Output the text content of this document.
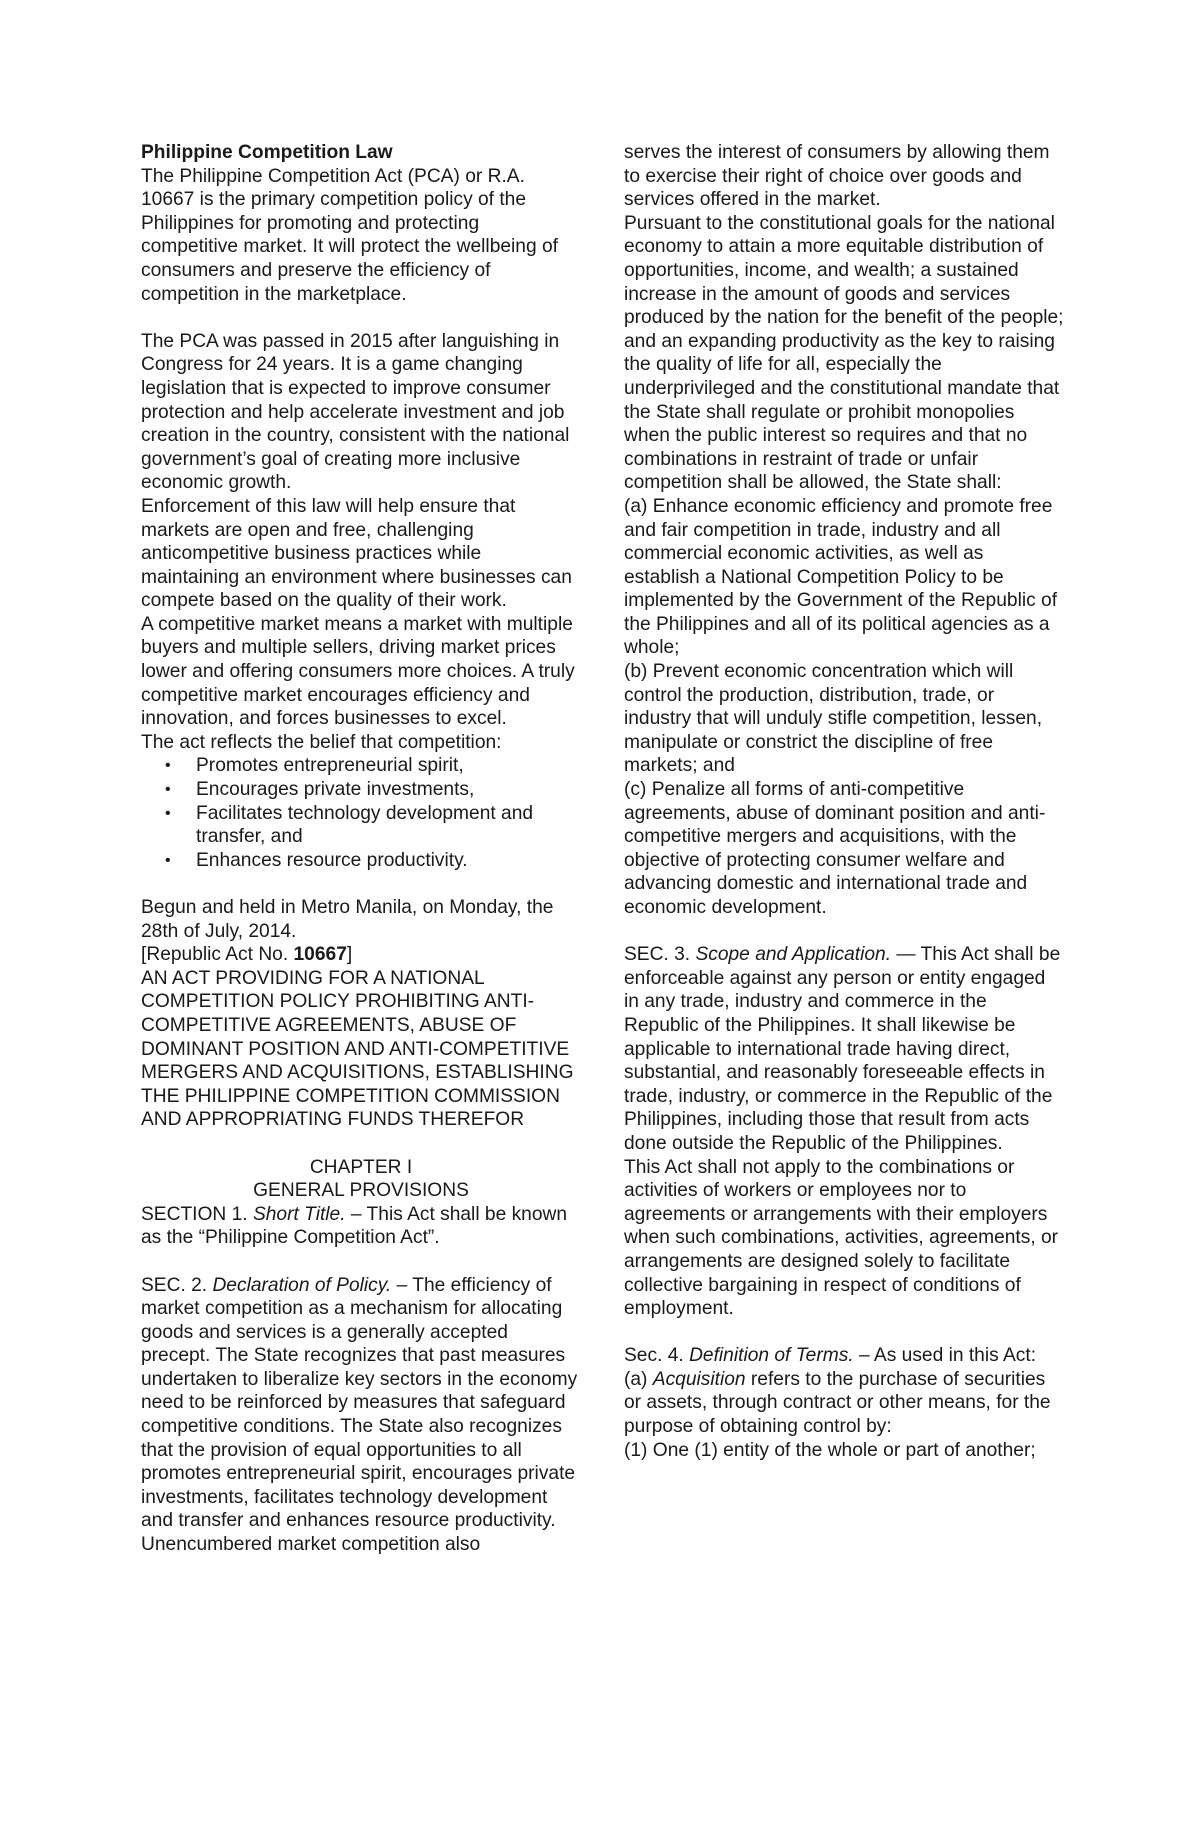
Philippine Competition Law

The Philippine Competition Act (PCA) or R.A. 10667 is the primary competition policy of the Philippines for promoting and protecting competitive market. It will protect the wellbeing of consumers and preserve the efficiency of competition in the marketplace.

The PCA was passed in 2015 after languishing in Congress for 24 years. It is a game changing legislation that is expected to improve consumer protection and help accelerate investment and job creation in the country, consistent with the national government’s goal of creating more inclusive economic growth.

Enforcement of this law will help ensure that markets are open and free, challenging anticompetitive business practices while maintaining an environment where businesses can compete based on the quality of their work.

A competitive market means a market with multiple buyers and multiple sellers, driving market prices lower and offering consumers more choices. A truly competitive market encourages efficiency and innovation, and forces businesses to excel.

The act reflects the belief that competition:

• Promotes entrepreneurial spirit,
• Encourages private investments,
• Facilitates technology development and transfer, and
• Enhances resource productivity.

Begun and held in Metro Manila, on Monday, the 28th of July, 2014.

[Republic Act No. 10667]

AN ACT PROVIDING FOR A NATIONAL COMPETITION POLICY PROHIBITING ANTI-COMPETITIVE AGREEMENTS, ABUSE OF DOMINANT POSITION AND ANTI-COMPETITIVE MERGERS AND ACQUISITIONS, ESTABLISHING THE PHILIPPINE COMPETITION COMMISSION AND APPROPRIATING FUNDS THEREFOR

CHAPTER I

GENERAL PROVISIONS

SECTION 1. Short Title. – This Act shall be known as the “Philippine Competition Act”.

SEC. 2. Declaration of Policy. – The efficiency of market competition as a mechanism for allocating goods and services is a generally accepted precept. The State recognizes that past measures undertaken to liberalize key sectors in the economy need to be reinforced by measures that safeguard competitive conditions. The State also recognizes that the provision of equal opportunities to all promotes entrepreneurial spirit, encourages private investments, facilitates technology development and transfer and enhances resource productivity. Unencumbered market competition also

serves the interest of consumers by allowing them to exercise their right of choice over goods and services offered in the market.

Pursuant to the constitutional goals for the national economy to attain a more equitable distribution of opportunities, income, and wealth; a sustained increase in the amount of goods and services produced by the nation for the benefit of the people; and an expanding productivity as the key to raising the quality of life for all, especially the underprivileged and the constitutional mandate that the State shall regulate or prohibit monopolies when the public interest so requires and that no combinations in restraint of trade or unfair competition shall be allowed, the State shall:

(a) Enhance economic efficiency and promote free and fair competition in trade, industry and all commercial economic activities, as well as establish a National Competition Policy to be implemented by the Government of the Republic of the Philippines and all of its political agencies as a whole;

(b) Prevent economic concentration which will control the production, distribution, trade, or industry that will unduly stifle competition, lessen, manipulate or constrict the discipline of free markets; and

(c) Penalize all forms of anti-competitive agreements, abuse of dominant position and anti-competitive mergers and acquisitions, with the objective of protecting consumer welfare and advancing domestic and international trade and economic development.

SEC. 3. Scope and Application. — This Act shall be enforceable against any person or entity engaged in any trade, industry and commerce in the Republic of the Philippines. It shall likewise be applicable to international trade having direct, substantial, and reasonably foreseeable effects in trade, industry, or commerce in the Republic of the Philippines, including those that result from acts done outside the Republic of the Philippines.

This Act shall not apply to the combinations or activities of workers or employees nor to agreements or arrangements with their employers when such combinations, activities, agreements, or arrangements are designed solely to facilitate collective bargaining in respect of conditions of employment.

Sec. 4. Definition of Terms. – As used in this Act:

(a) Acquisition refers to the purchase of securities or assets, through contract or other means, for the purpose of obtaining control by:

(1) One (1) entity of the whole or part of another;
